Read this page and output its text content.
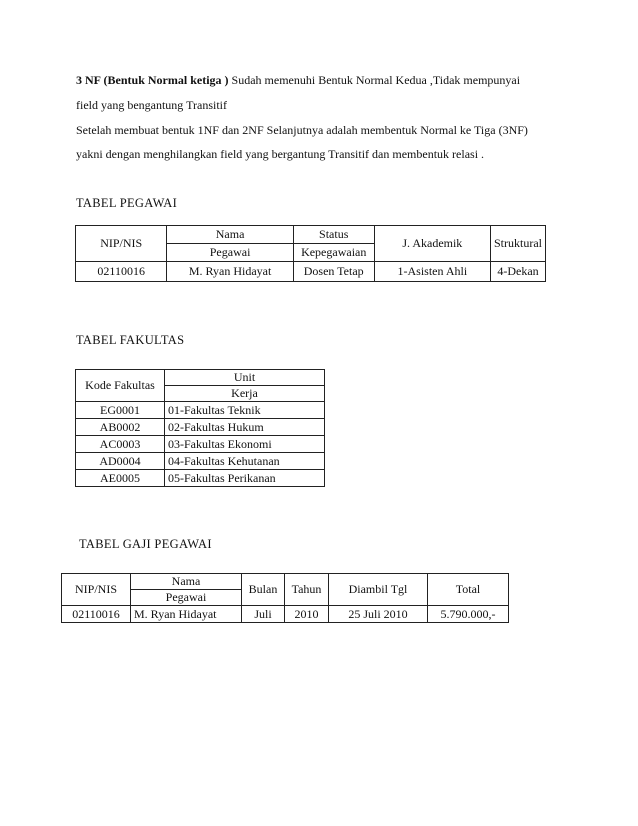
3 NF (Bentuk Normal ketiga ) Sudah memenuhi Bentuk Normal Kedua ,Tidak mempunyai

field yang bengantung Transitif

Setelah membuat bentuk 1NF dan 2NF Selanjutnya adalah membentuk Normal ke Tiga (3NF)

yakni dengan menghilangkan field yang bergantung Transitif dan membentuk relasi .

TABEL PEGAWAI

NIP/NIS	Nama	Status	J. Akademik	Struktural
	Pegawai	Kepegawaian		
02110016	M. Ryan Hidayat	Dosen Tetap	1-Asisten Ahli	4-Dekan

TABEL FAKULTAS

Kode Fakultas	Unit
	Kerja
EG0001	01-Fakultas Teknik
AB0002	02-Fakultas Hukum
AC0003	03-Fakultas Ekonomi
AD0004	04-Fakultas Kehutanan
AE0005	05-Fakultas Perikanan

TABEL GAJI PEGAWAI

NIP/NIS	Nama	Bulan	Tahun	Diambil Tgl	Total
	Pegawai				
02110016	M. Ryan Hidayat	Juli	2010	25 Juli 2010	5.790.000,-
